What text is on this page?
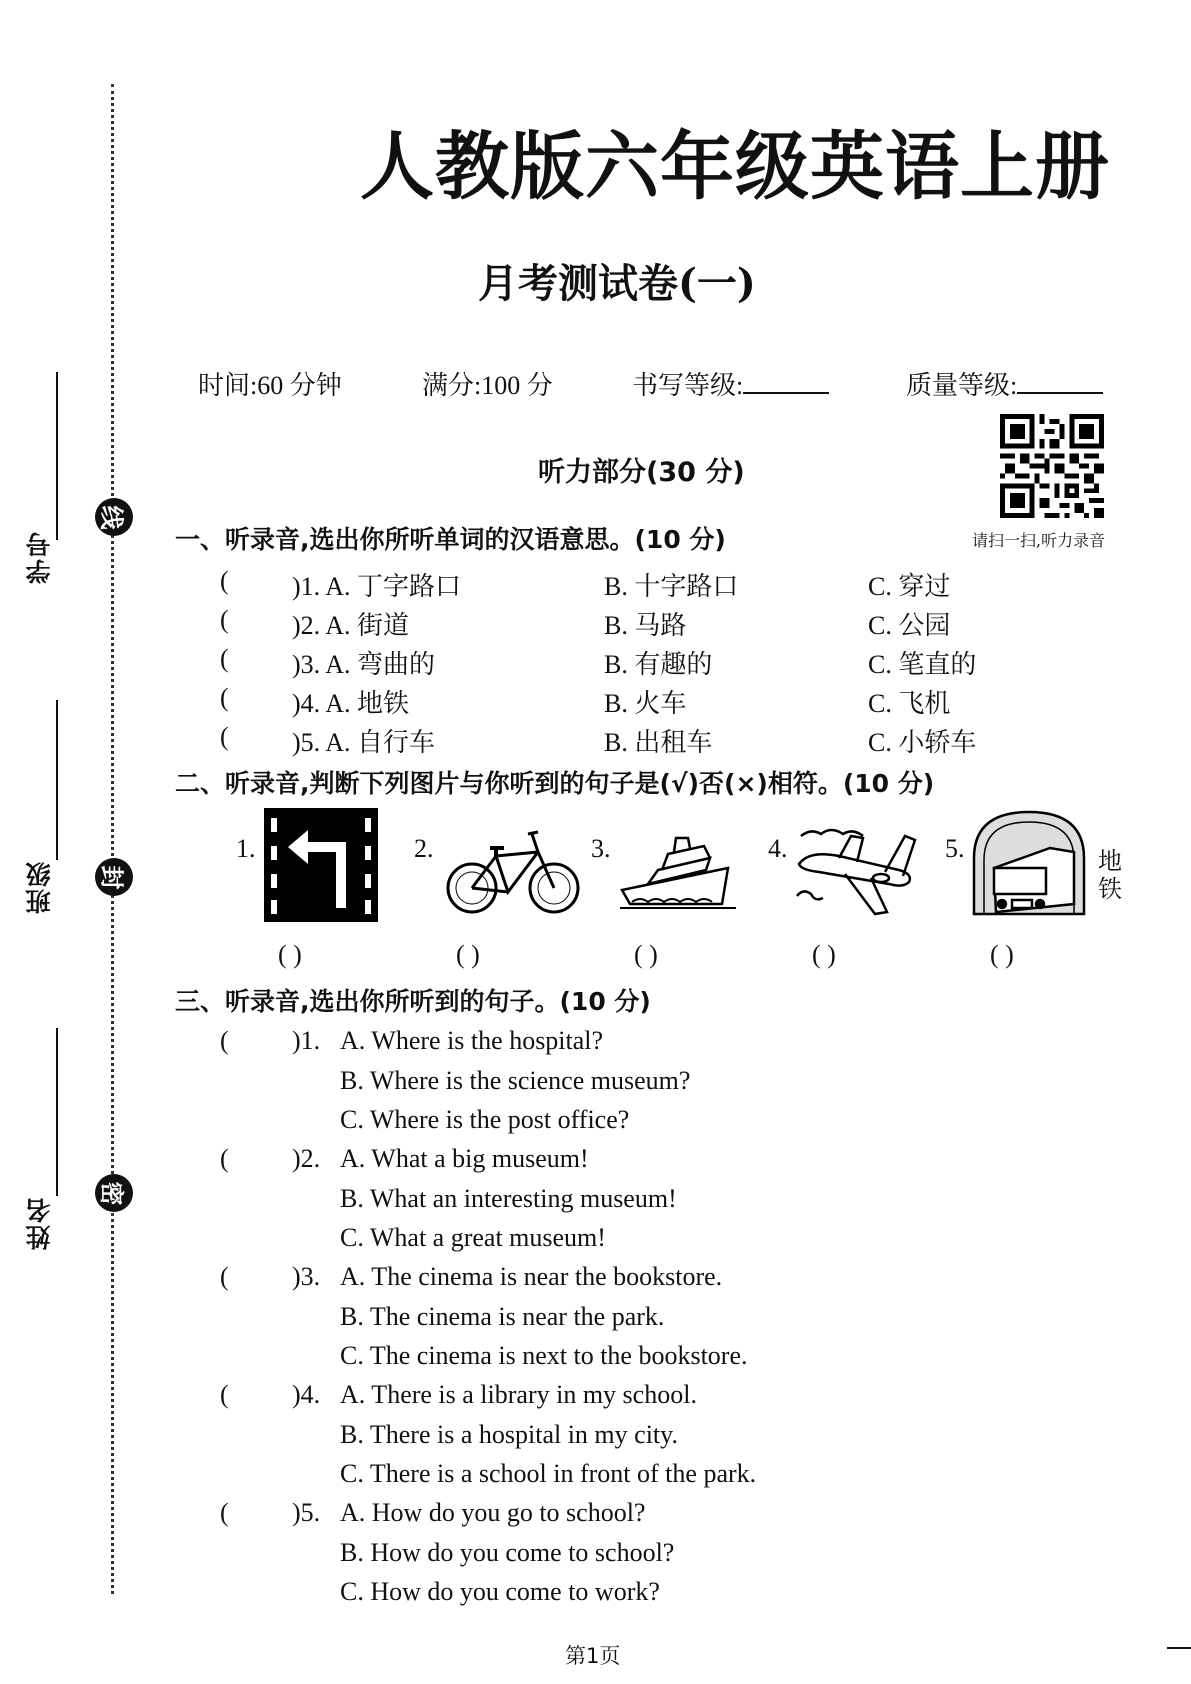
学号
线
班级 封
姓名
密
人教版六年级英语上册
月考测试卷(一)
时间:60 分钟	满分:100 分	书写等级:	质量等级:
请扫一扫,听力录音
听力部分(30 分)
一、听录音,选出你所听单词的汉语意思。(10 分)
( )1. A. 丁字路口	B. 十字路口	C. 穿过
( )2. A. 街道	B. 马路	C. 公园
( )3. A. 弯曲的	B. 有趣的	C. 笔直的
( )4. A. 地铁	B. 火车	C. 飞机
( )5. A. 自行车	B. 出租车	C. 小轿车
二、听录音,判断下列图片与你听到的句子是(√)否(×)相符。(10 分)
1.
( )
2.
( )
3.
( )
4.
( )
5.	地铁
( )
三、听录音,选出你所听到的句子。(10 分)
( )1. A. Where is the hospital?
B. Where is the science museum?
C. Where is the post office?
( )2. A. What a big museum!
B. What an interesting museum!
C. What a great museum!
( )3. A. The cinema is near the bookstore.
B. The cinema is near the park.
C. The cinema is next to the bookstore.
( )4. A. There is a library in my school.
B. There is a hospital in my city.
C. There is a school in front of the park.
( )5. A. How do you go to school?
B. How do you come to school?
C. How do you come to work?
第1页
